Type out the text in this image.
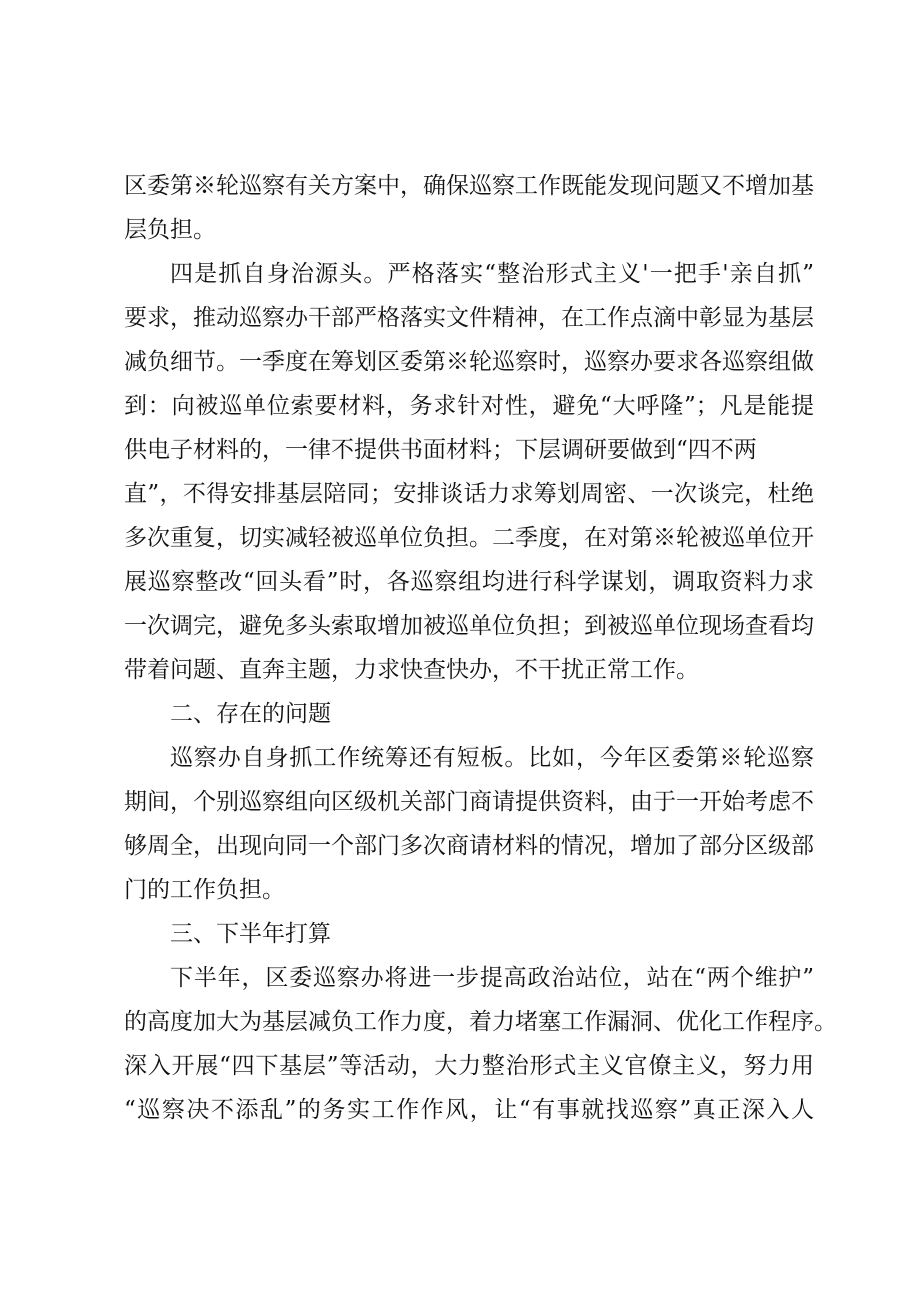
区委第※轮巡察有关方案中，确保巡察工作既能发现问题又不增加基
层负担。
四是抓自身治源头。严格落实“整治形式主义'一把手'亲自抓”
要求，推动巡察办干部严格落实文件精神，在工作点滴中彰显为基层
减负细节。一季度在筹划区委第※轮巡察时，巡察办要求各巡察组做
到：向被巡单位索要材料，务求针对性，避免“大呼隆”；凡是能提
供电子材料的，一律不提供书面材料；下层调研要做到“四不两
直”，不得安排基层陪同；安排谈话力求筹划周密、一次谈完，杜绝
多次重复，切实减轻被巡单位负担。二季度，在对第※轮被巡单位开
展巡察整改“回头看”时，各巡察组均进行科学谋划，调取资料力求
一次调完，避免多头索取增加被巡单位负担；到被巡单位现场查看均
带着问题、直奔主题，力求快查快办，不干扰正常工作。
二、存在的问题
巡察办自身抓工作统筹还有短板。比如，今年区委第※轮巡察
期间，个别巡察组向区级机关部门商请提供资料，由于一开始考虑不
够周全，出现向同一个部门多次商请材料的情况，增加了部分区级部
门的工作负担。
三、下半年打算
下半年，区委巡察办将进一步提高政治站位，站在“两个维护”
的高度加大为基层减负工作力度，着力堵塞工作漏洞、优化工作程序。
深入开展“四下基层”等活动，大力整治形式主义官僚主义，努力用
“巡察决不添乱”的务实工作作风，让“有事就找巡察”真正深入人
